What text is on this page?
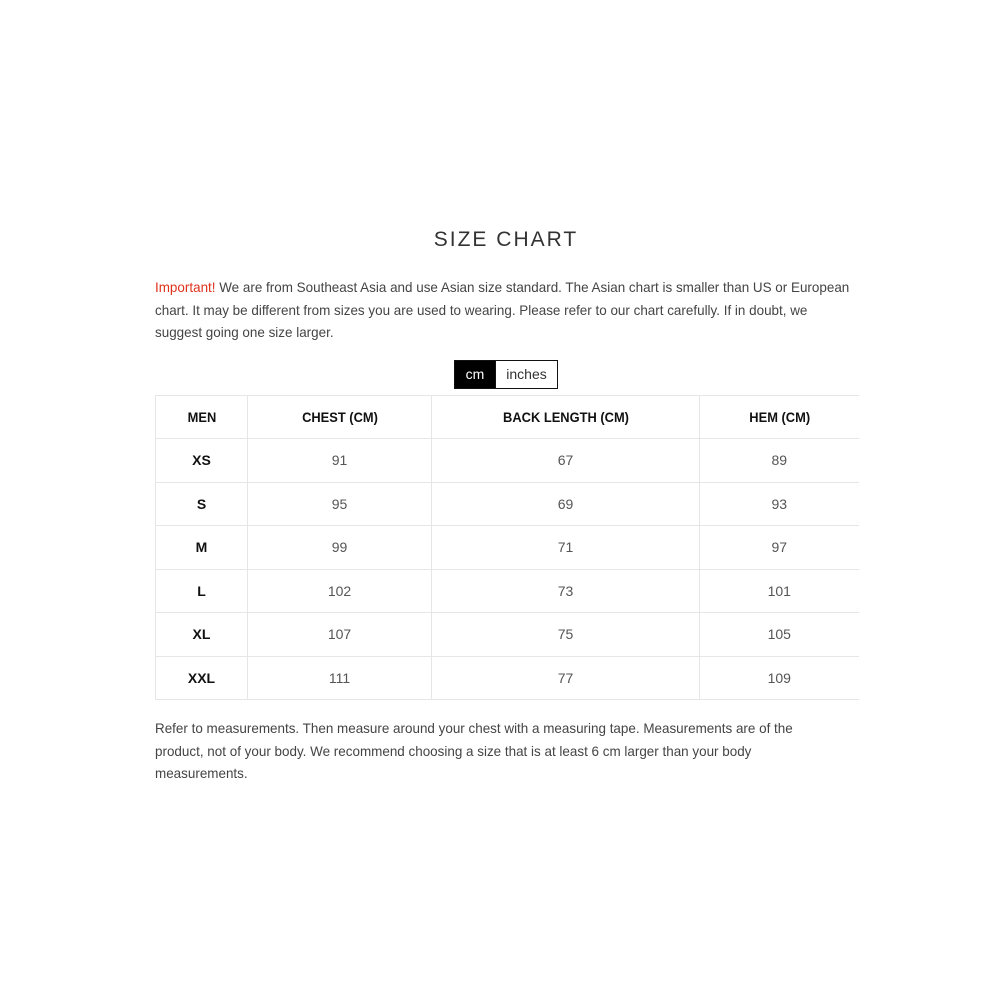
SIZE CHART

Important! We are from Southeast Asia and use Asian size standard. The Asian chart is smaller than US or European chart. It may be different from sizes you are used to wearing. Please refer to our chart carefully. If in doubt, we suggest going one size larger.

cm	inches
MEN	CHEST (CM)	BACK LENGTH (CM)	HEM (CM)
XS	91	67	89
S	95	69	93
M	99	71	97
L	102	73	101
XL	107	75	105
XXL	111	77	109

Refer to measurements. Then measure around your chest with a measuring tape. Measurements are of the product, not of your body. We recommend choosing a size that is at least 6 cm larger than your body measurements.
